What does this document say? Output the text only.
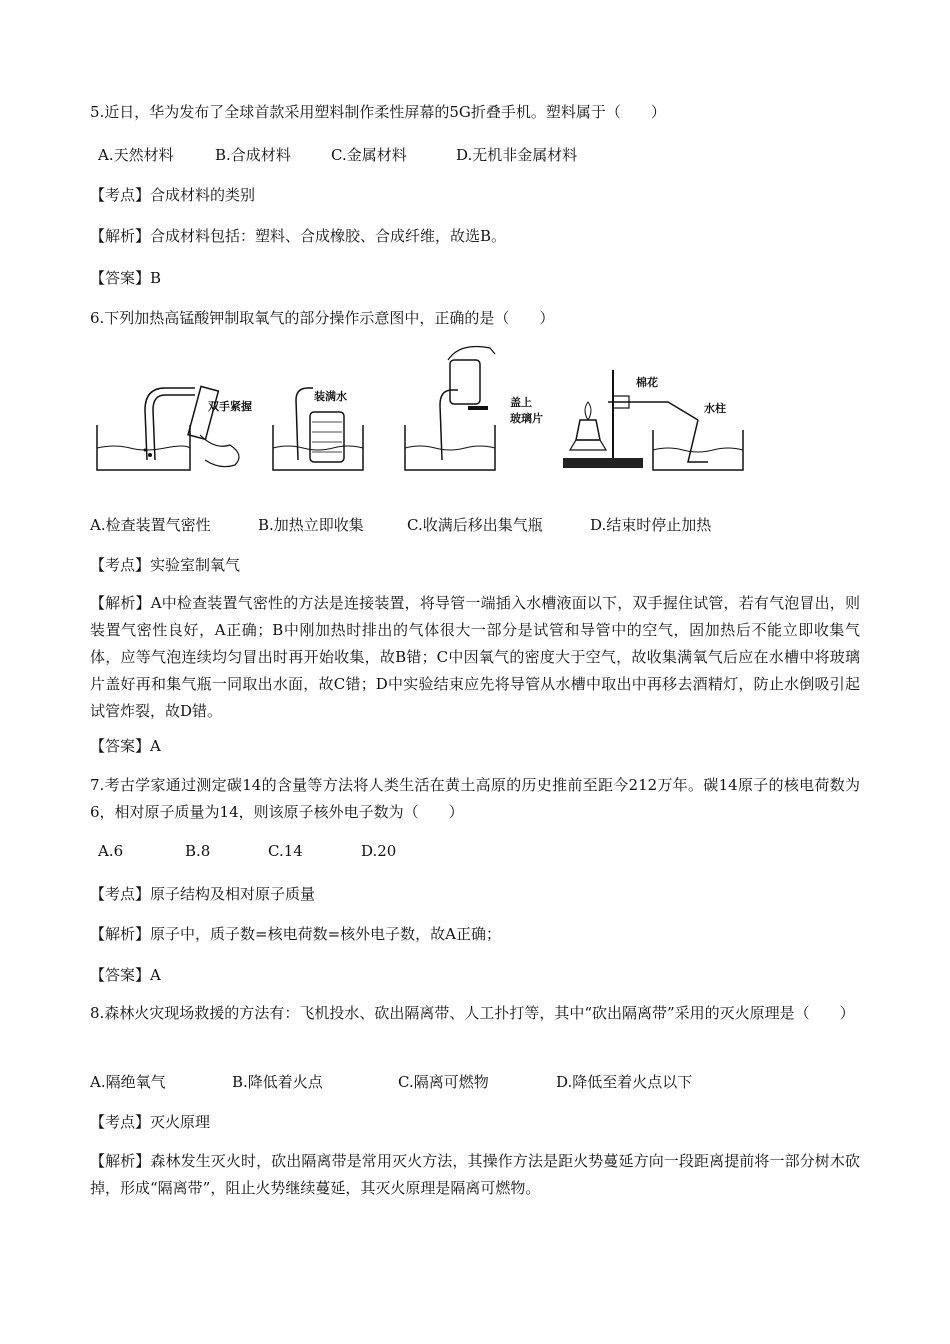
5.近日，华为发布了全球首款采用塑料制作柔性屏幕的5G折叠手机。塑料属于（　　）
A.天然材料	B.合成材料	C.金属材料	D.无机非金属材料
【考点】合成材料的类别
【解析】合成材料包括：塑料、合成橡胶、合成纤维，故选B。
【答案】B
6.下列加热高锰酸钾制取氧气的部分操作示意图中，正确的是（　　）
双手紧握
装满水	盖上
玻璃片
棉花
水柱
A.检查装置气密性	B.加热立即收集	C.收满后移出集气瓶	D.结束时停止加热
【考点】实验室制氧气
【解析】A中检查装置气密性的方法是连接装置，将导管一端插入水槽液面以下，双手握住试管，若有气泡冒出，则装置气密性良好，A正确；B中刚加热时排出的气体很大一部分是试管和导管中的空气，固加热后不能立即收集气体，应等气泡连续均匀冒出时再开始收集，故B错；C中因氧气的密度大于空气，故收集满氧气后应在水槽中将玻璃片盖好再和集气瓶一同取出水面，故C错；D中实验结束应先将导管从水槽中取出中再移去酒精灯，防止水倒吸引起试管炸裂，故D错。
【答案】A
7.考古学家通过测定碳14的含量等方法将人类生活在黄土高原的历史推前至距今212万年。碳14原子的核电荷数为6，相对原子质量为14，则该原子核外电子数为（　　）
A.6	B.8	C.14	D.20
【考点】原子结构及相对原子质量
【解析】原子中，质子数=核电荷数=核外电子数，故A正确；
【答案】A
8.森林火灾现场救援的方法有：飞机投水、砍出隔离带、人工扑打等，其中“砍出隔离带”采用的灭火原理是（　　）
A.隔绝氧气	B.降低着火点	C.隔离可燃物	D.降低至着火点以下
【考点】灭火原理
【解析】森林发生灭火时，砍出隔离带是常用灭火方法，其操作方法是距火势蔓延方向一段距离提前将一部分树木砍掉，形成“隔离带”，阻止火势继续蔓延，其灭火原理是隔离可燃物。
